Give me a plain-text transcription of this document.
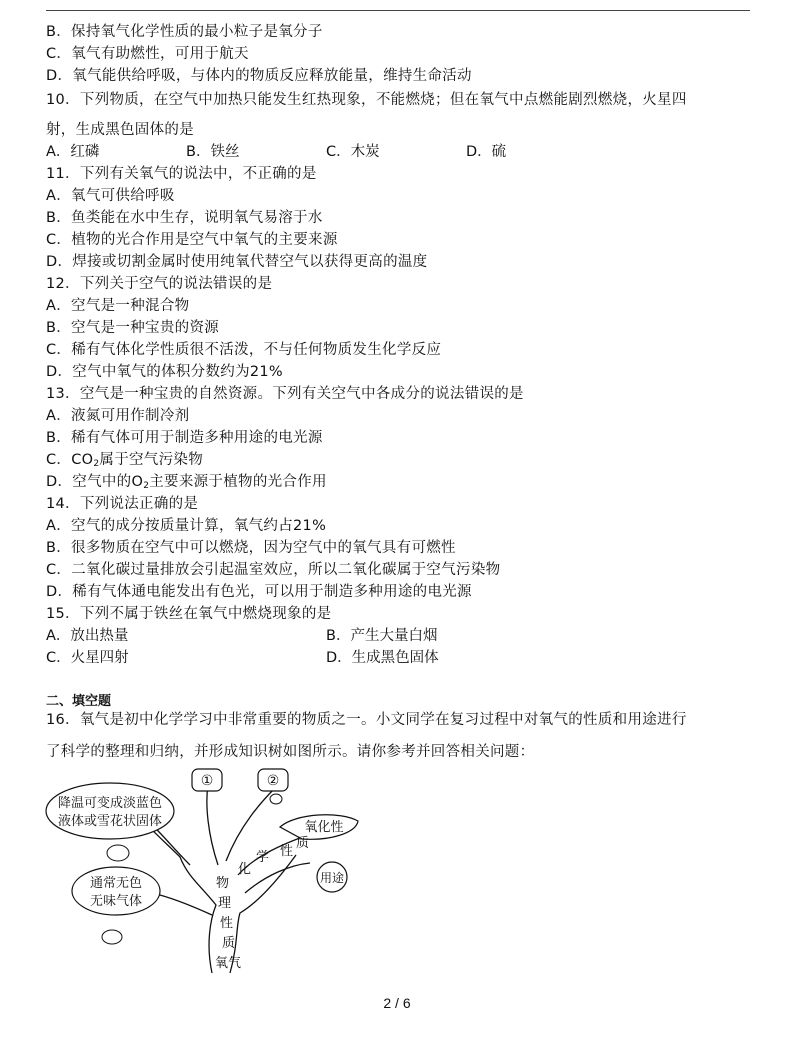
B．保持氧气化学性质的最小粒子是氧分子
C．氧气有助燃性，可用于航天
D．氧气能供给呼吸，与体内的物质反应释放能量，维持生命活动
10．下列物质，在空气中加热只能发生红热现象，不能燃烧；但在氧气中点燃能剧烈燃烧，火星四
射，生成黑色固体的是
A．红磷	B．铁丝	C．木炭	D．硫
11．下列有关氧气的说法中，不正确的是
A．氧气可供给呼吸
B．鱼类能在水中生存，说明氧气易溶于水
C．植物的光合作用是空气中氧气的主要来源
D．焊接或切割金属时使用纯氧代替空气以获得更高的温度
12．下列关于空气的说法错误的是
A．空气是一种混合物
B．空气是一种宝贵的资源
C．稀有气体化学性质很不活泼，不与任何物质发生化学反应
D．空气中氧气的体积分数约为21%
13．空气是一种宝贵的自然资源。下列有关空气中各成分的说法错误的是
A．液氮可用作制冷剂
B．稀有气体可用于制造多种用途的电光源
C．$CO_2$属于空气污染物
D．空气中的$O_2$主要来源于植物的光合作用
14．下列说法正确的是
A．空气的成分按质量计算，氧气约占21%
B．很多物质在空气中可以燃烧，因为空气中的氧气具有可燃性
C．二氧化碳过量排放会引起温室效应，所以二氧化碳属于空气污染物
D．稀有气体通电能发出有色光，可以用于制造多种用途的电光源
15．下列不属于铁丝在氧气中燃烧现象的是
A．放出热量	B．产生大量白烟
C．火星四射	D．生成黑色固体
二、填空题
16．氧气是初中化学学习中非常重要的物质之一。小文同学在复习过程中对氧气的性质和用途进行
了科学的整理和归纳，并形成知识树如图所示。请你参考并回答相关问题：
①	②
降温可变成淡蓝色
液体或雪花状固体
通常无色
无味气体
氧化性
用途
化
学 性
质
物
理
性
质
氧气
2 / 6
